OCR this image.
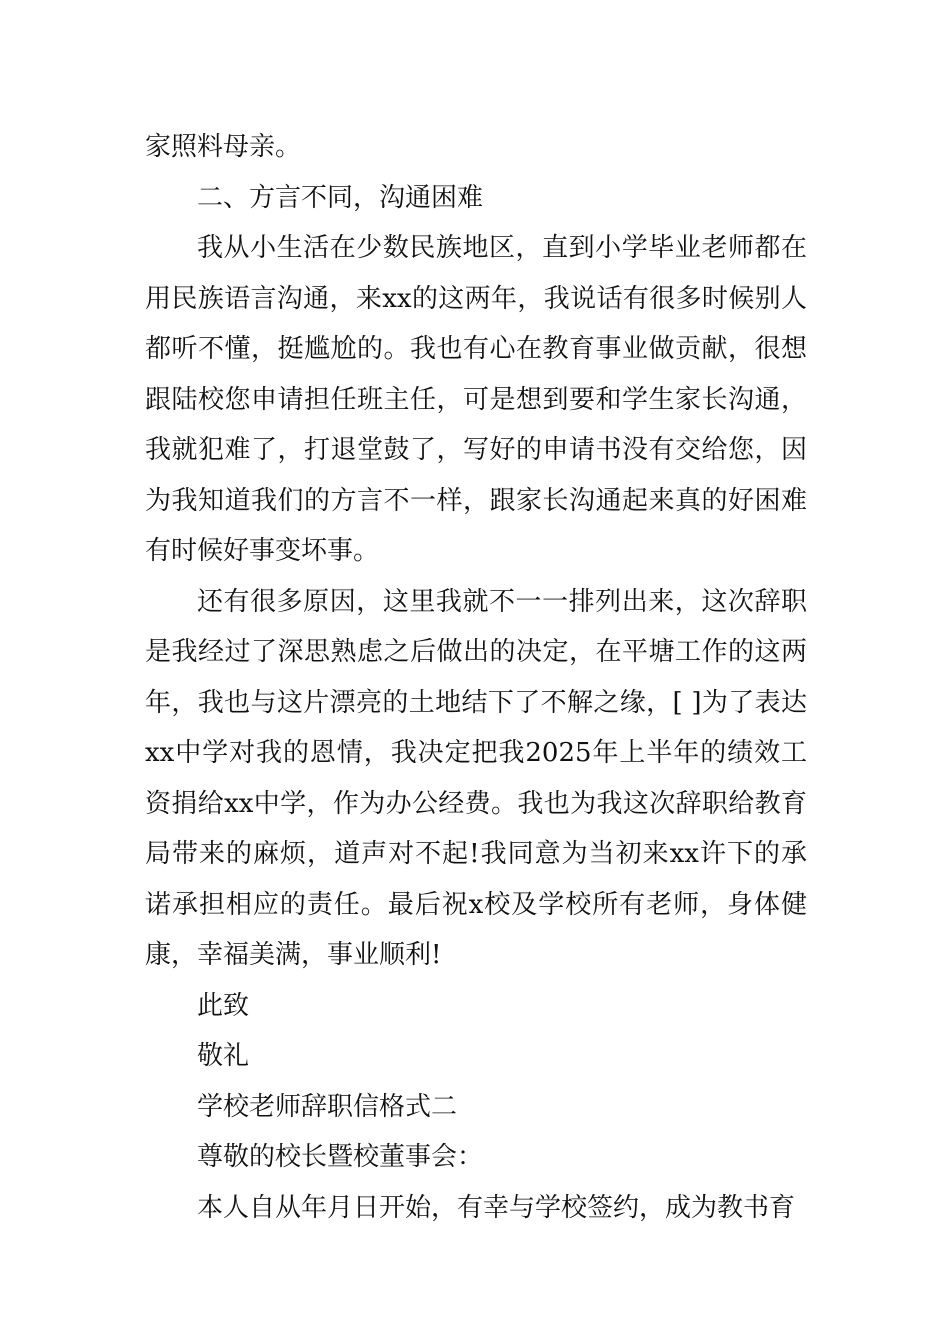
家照料母亲。

二、方言不同，沟通困难

我从小生活在少数民族地区，直到小学毕业老师都在用民族语言沟通，来xx的这两年，我说话有很多时候别人都听不懂，挺尴尬的。我也有心在教育事业做贡献，很想跟陆校您申请担任班主任，可是想到要和学生家长沟通，我就犯难了，打退堂鼓了，写好的申请书没有交给您，因为我知道我们的方言不一样，跟家长沟通起来真的好困难有时候好事变坏事。

还有很多原因，这里我就不一一排列出来，这次辞职是我经过了深思熟虑之后做出的决定，在平塘工作的这两年，我也与这片漂亮的土地结下了不解之缘，[ ]为了表达xx中学对我的恩情，我决定把我2025年上半年的绩效工资捐给xx中学，作为办公经费。我也为我这次辞职给教育局带来的麻烦，道声对不起!我同意为当初来xx许下的承诺承担相应的责任。最后祝x校及学校所有老师，身体健康，幸福美满，事业顺利!

此致

敬礼

学校老师辞职信格式二

尊敬的校长暨校董事会：

本人自从年月日开始，有幸与学校签约，成为教书育
